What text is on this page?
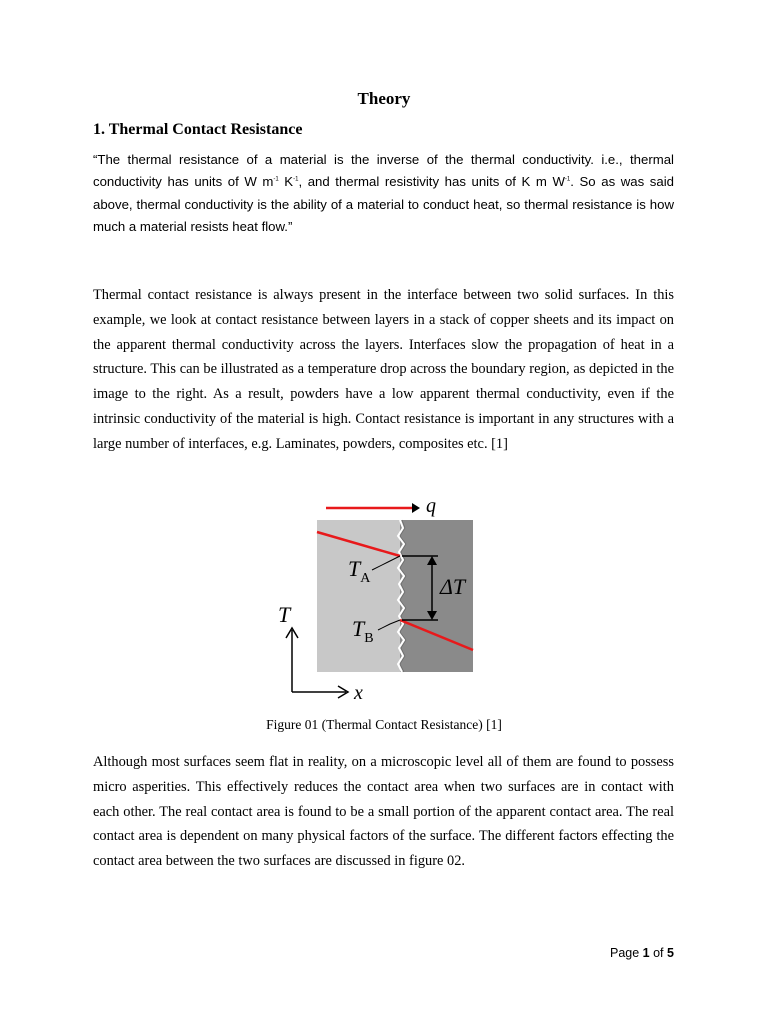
Theory
1. Thermal Contact Resistance
“The thermal resistance of a material is the inverse of the thermal conductivity. i.e., thermal conductivity has units of W $m^{-1}$ $K^{-1}$, and thermal resistivity has units of K m $W^{-1}$. So as was said above, thermal conductivity is the ability of a material to conduct heat, so thermal resistance is how much a material resists heat flow.”
Thermal contact resistance is always present in the interface between two solid surfaces. In this example, we look at contact resistance between layers in a stack of copper sheets and its impact on the apparent thermal conductivity across the layers. Interfaces slow the propagation of heat in a structure. This can be illustrated as a temperature drop across the boundary region, as depicted in the image to the right. As a result, powders have a low apparent thermal conductivity, even if the intrinsic conductivity of the material is high. Contact resistance is important in any structures with a large number of interfaces, e.g. Laminates, powders, composites etc. [1]
q
ΔT
$T_A$
$T_B$
T
x
Figure 01 (Thermal Contact Resistance) [1]
Although most surfaces seem flat in reality, on a microscopic level all of them are found to possess micro asperities. This effectively reduces the contact area when two surfaces are in contact with each other. The real contact area is found to be a small portion of the apparent contact area. The real contact area is dependent on many physical factors of the surface. The different factors effecting the contact area between the two surfaces are discussed in figure 02.
Page 1 of 5
